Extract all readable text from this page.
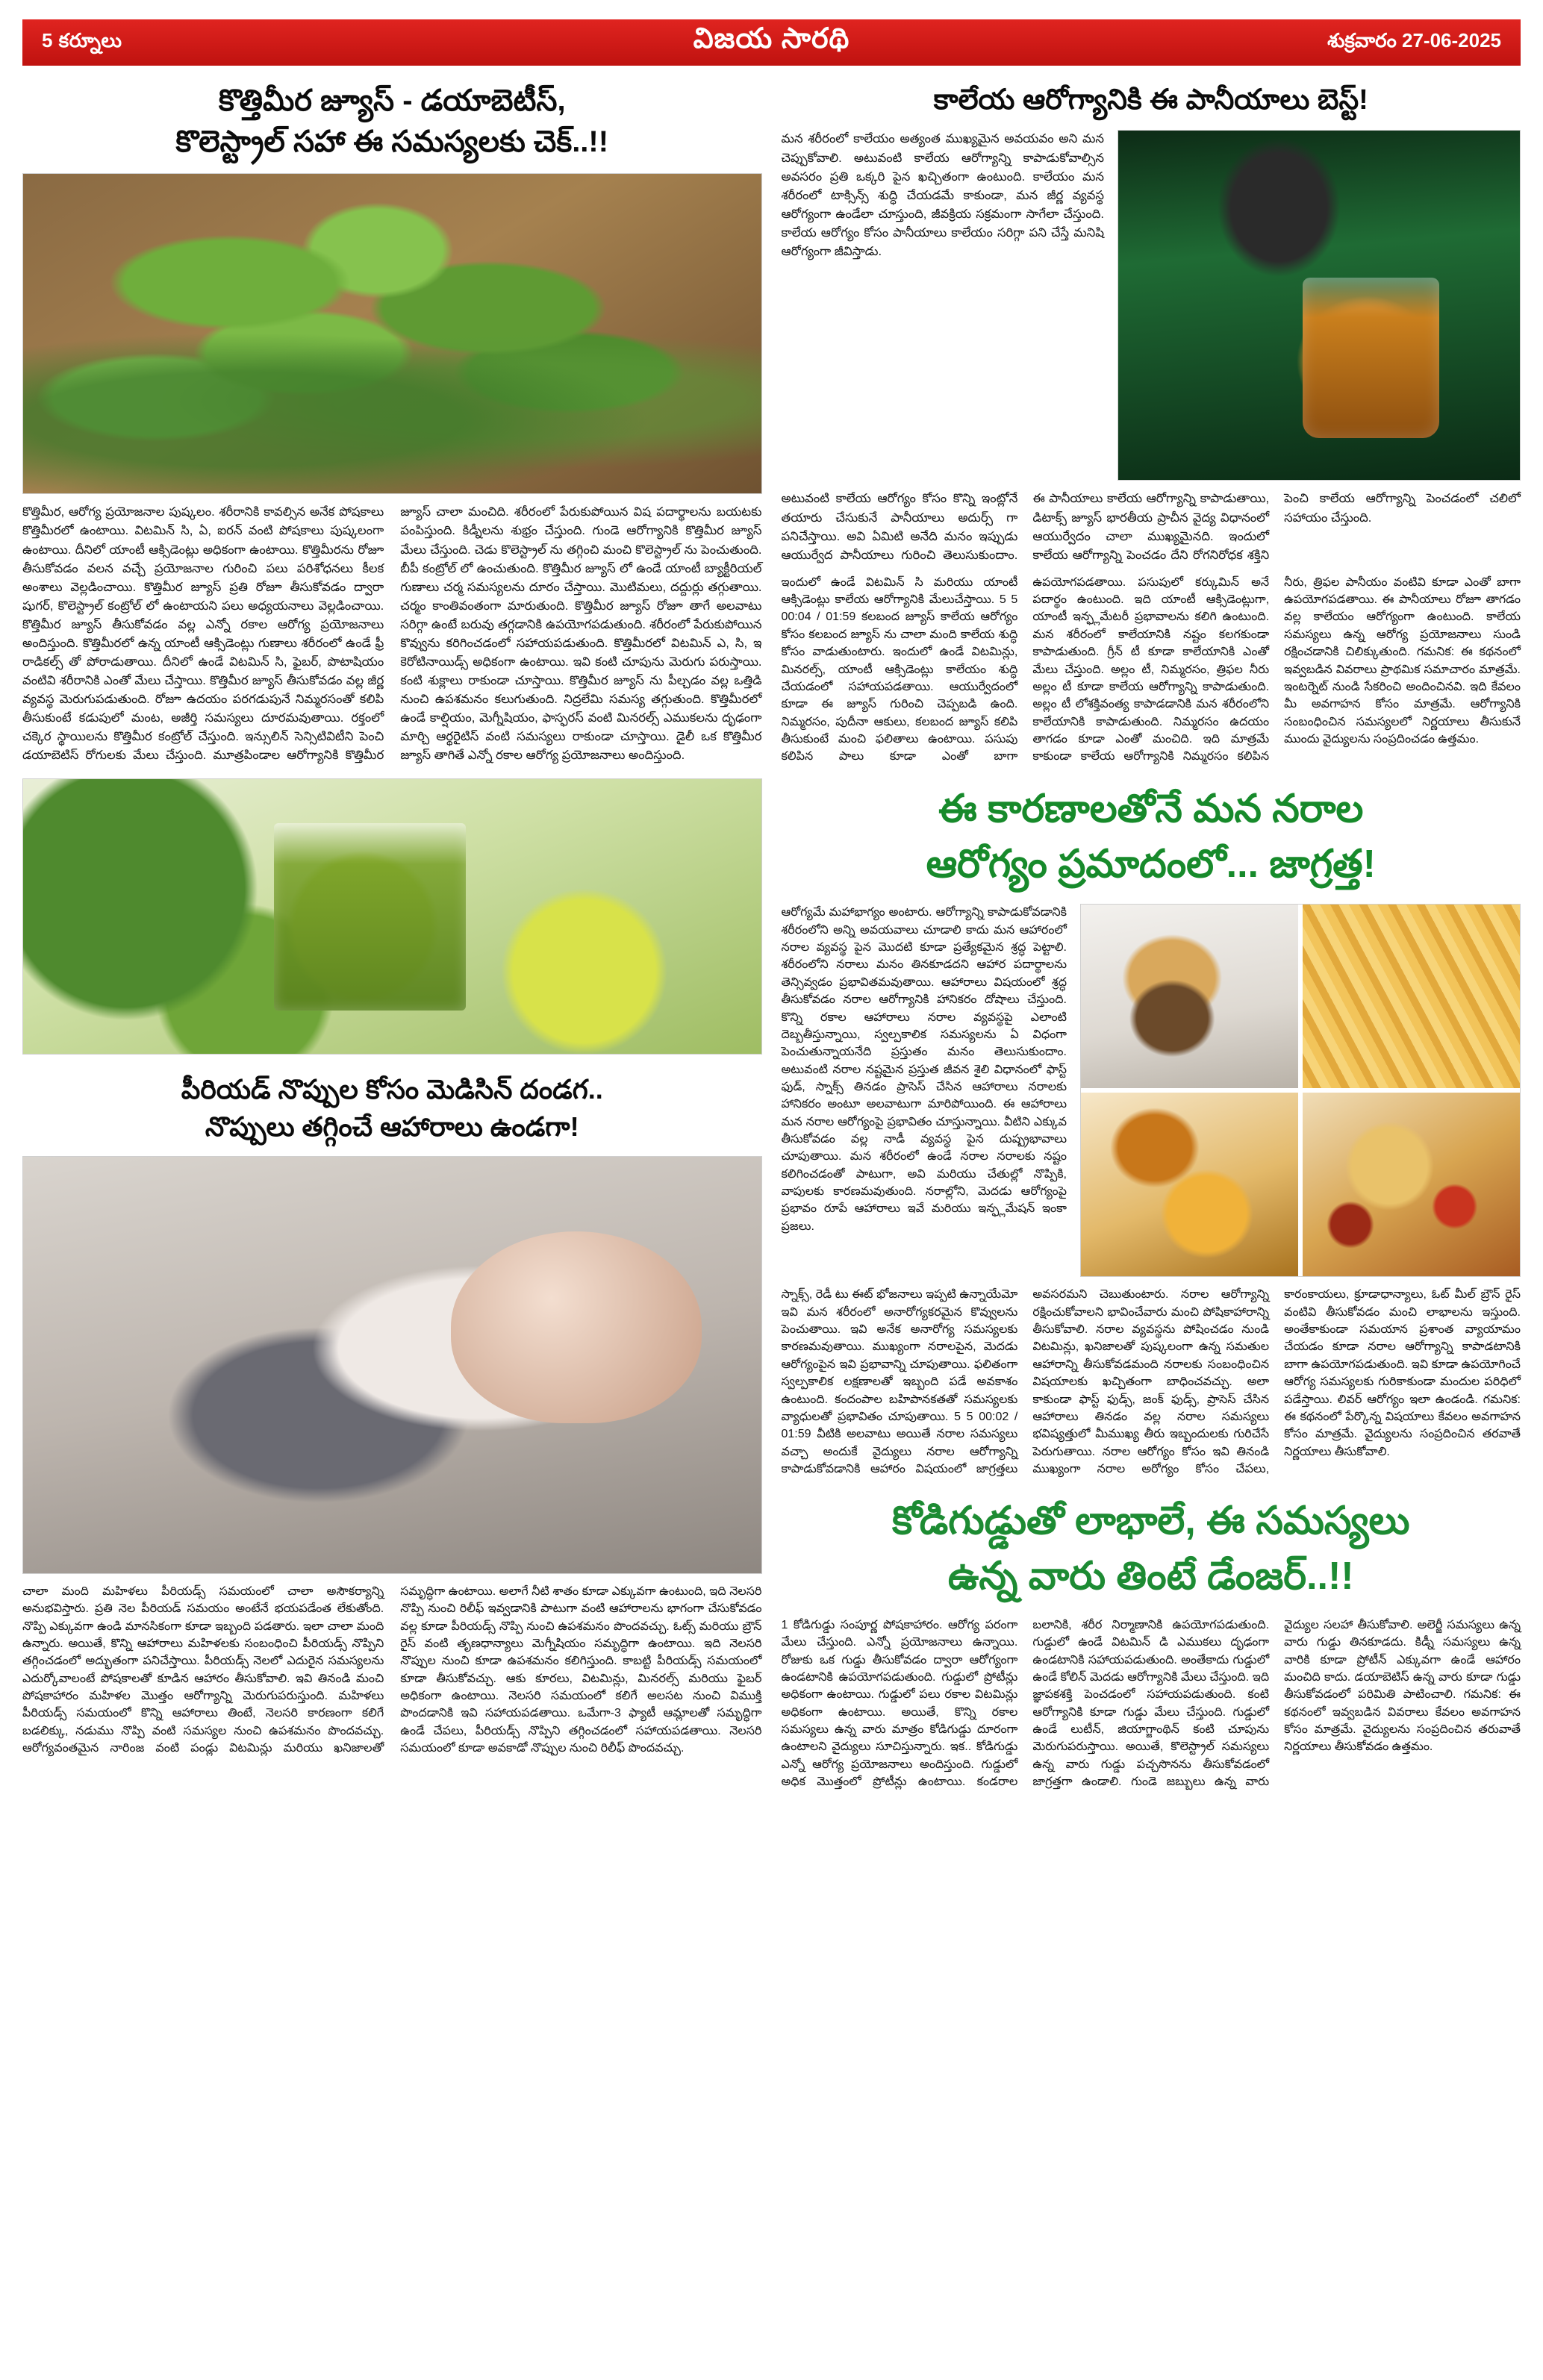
5 కర్నూలు	విజయ సారథి	శుక్రవారం 27-06-2025
కొత్తిమీర జ్యూస్ - డయాబెటీస్,
కొలెస్ట్రాల్ సహా ఈ సమస్యలకు చెక్..!!
కొత్తిమీర, ఆరోగ్య ప్రయోజనాల పుష్కలం. శరీరానికి కావల్సిన అనేక పోషకాలు కొత్తిమీరలో ఉంటాయి. విటమిన్ సి, ఏ, ఐరన్ వంటి పోషకాలు పుష్కలంగా ఉంటాయి. దీనిలో యాంటీ ఆక్సిడెంట్లు అధికంగా ఉంటాయి. కొత్తిమీరను రోజూ తీసుకోవడం వలన వచ్చే ప్రయోజనాల గురించి పలు పరిశోధనలు కీలక అంశాలు వెల్లడించాయి. కొత్తిమీర జ్యూస్ ప్రతి రోజూ తీసుకోవడం ద్వారా షుగర్, కొలెస్ట్రాల్ కంట్రోల్ లో ఉంటాయని పలు అధ్యయనాలు వెల్లడించాయి. కొత్తిమీర జ్యూస్ తీసుకోవడం వల్ల ఎన్నో రకాల ఆరోగ్య ప్రయోజనాలు అందిస్తుంది. కొత్తిమీరలో ఉన్న యాంటీ ఆక్సిడెంట్లు గుణాలు శరీరంలో ఉండే ఫ్రీ రాడికల్స్ తో పోరాడుతాయి. దీనిలో ఉండే విటమిన్ సి, ఫైబర్, పొటాషియం వంటివి శరీరానికి ఎంతో మేలు చేస్తాయి. కొత్తిమీర జ్యూస్ తీసుకోవడం వల్ల జీర్ణ వ్యవస్థ మెరుగుపడుతుంది. రోజూ ఉదయం పరగడుపునే నిమ్మరసంతో కలిపి తీసుకుంటే కడుపులో మంట, అజీర్తి సమస్యలు దూరమవుతాయి. రక్తంలో చక్కెర స్థాయిలను కొత్తిమీర కంట్రోల్ చేస్తుంది. ఇన్సులిన్ సెన్సిటివిటీని పెంచి డయాబెటిస్ రోగులకు మేలు చేస్తుంది. మూత్రపిండాల ఆరోగ్యానికి కొత్తిమీర జ్యూస్ చాలా మంచిది. శరీరంలో పేరుకుపోయిన విష పదార్థాలను బయటకు పంపిస్తుంది. కిడ్నీలను శుభ్రం చేస్తుంది. గుండె ఆరోగ్యానికి కొత్తిమీర జ్యూస్ మేలు చేస్తుంది. చెడు కొలెస్ట్రాల్ ను తగ్గించి మంచి కొలెస్ట్రాల్ ను పెంచుతుంది. బీపీ కంట్రోల్ లో ఉంచుతుంది. కొత్తిమీర జ్యూస్ లో ఉండే యాంటీ బ్యాక్టీరియల్ గుణాలు చర్మ సమస్యలను దూరం చేస్తాయి. మొటిమలు, దద్దుర్లు తగ్గుతాయి. చర్మం కాంతివంతంగా మారుతుంది. కొత్తిమీర జ్యూస్ రోజూ తాగే అలవాటు సరిగ్గా ఉంటే బరువు తగ్గడానికి ఉపయోగపడుతుంది. శరీరంలో పేరుకుపోయిన కొవ్వును కరిగించడంలో సహాయపడుతుంది. కొత్తిమీరలో విటమిన్ ఎ, సి, ఇ కెరోటినాయిడ్స్ అధికంగా ఉంటాయి. ఇవి కంటి చూపును మెరుగు పరుస్తాయి. కంటి శుక్లాలు రాకుండా చూస్తాయి. కొత్తిమీర జ్యూస్ ను పీల్చడం వల్ల ఒత్తిడి నుంచి ఉపశమనం కలుగుతుంది. నిద్రలేమి సమస్య తగ్గుతుంది. కొత్తిమీరలో ఉండే కాల్షియం, మెగ్నీషియం, ఫాస్ఫరస్ వంటి మినరల్స్ ఎముకలను దృఢంగా మార్చి ఆర్థరైటిస్ వంటి సమస్యలు రాకుండా చూస్తాయి. డైలీ ఒక కొత్తిమీర జ్యూస్ తాగితే ఎన్నో రకాల ఆరోగ్య ప్రయోజనాలు అందిస్తుంది.
పీరియడ్ నొప్పుల కోసం మెడిసిన్ దండగ..
నొప్పులు తగ్గించే ఆహారాలు ఉండగా!
చాలా మంది మహిళలు పీరియడ్స్ సమయంలో చాలా అసౌకర్యాన్ని అనుభవిస్తారు. ప్రతి నెల పీరియడ్ సమయం అంటేనే భయపడేంత లేకుతోంది. నొప్పి ఎక్కువగా ఉండి మానసికంగా కూడా ఇబ్బంది పడతారు. ఇలా చాలా మంది ఉన్నారు. అయితే, కొన్ని ఆహారాలు మహిళలకు సంబంధించి పీరియడ్స్ నొప్పిని తగ్గించడంలో అద్భుతంగా పనిచేస్తాయి. పీరియడ్స్ నెలలో ఎదురైన సమస్యలను ఎదుర్కోవాలంటే పోషకాలతో కూడిన ఆహారం తీసుకోవాలి. ఇవి తినండి మంచి పోషకాహారం మహిళల మొత్తం ఆరోగ్యాన్ని మెరుగుపరుస్తుంది. మహిళలు పీరియడ్స్ సమయంలో కొన్ని ఆహారాలు తింటే, నెలసరి కారణంగా కలిగే బడలిక్కు, నడుము నొప్పి వంటి సమస్యల నుంచి ఉపశమనం పొందవచ్చు. ఆరోగ్యవంతమైన నారింజ వంటి పండ్లు విటమిన్లు మరియు ఖనిజాలతో సమృద్ధిగా ఉంటాయి. అలాగే నీటి శాతం కూడా ఎక్కువగా ఉంటుంది, ఇది నెలసరి నొప్పి నుంచి రిలీఫ్ ఇవ్వడానికి పాటుగా వంటి ఆహారాలను భాగంగా చేసుకోవడం వల్ల కూడా పీరియడ్స్ నొప్పి నుంచి ఉపశమనం పొందవచ్చు. ఓట్స్ మరియు బ్రౌన్ రైస్ వంటి తృణధాన్యాలు మెగ్నీషియం సమృద్ధిగా ఉంటాయి. ఇది నెలసరి నొప్పుల నుంచి కూడా ఉపశమనం కలిగిస్తుంది. కాబట్టి పీరియడ్స్ సమయంలో కూడా తీసుకోవచ్చు. ఆకు కూరలు, విటమిన్లు, మినరల్స్ మరియు ఫైబర్ అధికంగా ఉంటాయి. నెలసరి సమయంలో కలిగే అలసట నుంచి విముక్తి పొందడానికి ఇవి సహాయపడతాయి. ఒమేగా-3 ఫ్యాటీ ఆమ్లాలతో సమృద్ధిగా ఉండే చేపలు, పీరియడ్స్ నొప్పిని తగ్గించడంలో సహాయపడతాయి. నెలసరి సమయంలో కూడా అవకాడో నొప్పుల నుంచి రిలీఫ్ పొందవచ్చు.
కాలేయ ఆరోగ్యానికి ఈ పానీయాలు బెస్ట్!
మన శరీరంలో కాలేయం అత్యంత ముఖ్యమైన అవయవం అని మన చెప్పుకోవాలి. అటువంటి కాలేయ ఆరోగ్యాన్ని కాపాడుకోవాల్సిన అవసరం ప్రతి ఒక్కరి పైన ఖచ్చితంగా ఉంటుంది. కాలేయం మన శరీరంలో టాక్సిన్స్ శుద్ధి చేయడమే కాకుండా, మన జీర్ణ వ్యవస్థ ఆరోగ్యంగా ఉండేలా చూస్తుంది, జీవక్రియ సక్రమంగా సాగేలా చేస్తుంది. కాలేయ ఆరోగ్యం కోసం పానీయాలు కాలేయం సరిగ్గా పని చేస్తే మనిషి ఆరోగ్యంగా జీవిస్తాడు.
అటువంటి కాలేయ ఆరోగ్యం కోసం కొన్ని ఇంట్లోనే తయారు చేసుకునే పానీయాలు అదుర్స్ గా పనిచేస్తాయి. అవి ఏమిటి అనేది మనం ఇప్పుడు ఆయుర్వేద పానీయాలు గురించి తెలుసుకుందాం. ఈ పానీయాలు కాలేయ ఆరోగ్యాన్ని కాపాడుతాయి, డిటాక్స్ జ్యూస్ భారతీయ ప్రాచీన వైద్య విధానంలో ఆయుర్వేదం చాలా ముఖ్యమైనది. ఇందులో కాలేయ ఆరోగ్యాన్ని పెంచడం దేని రోగనిరోధక శక్తిని పెంచి కాలేయ ఆరోగ్యాన్ని పెంచడంలో చలిలో సహాయం చేస్తుంది.
ఇందులో ఉండే విటమిన్ సి మరియు యాంటీ ఆక్సిడెంట్లు కాలేయ ఆరోగ్యానికి మేలుచేస్తాయి. 5 5 00:04 / 01:59 కలబంద జ్యూస్ కాలేయ ఆరోగ్యం కోసం కలబంద జ్యూస్ ను చాలా మంది కాలేయ శుద్ధి కోసం వాడుతుంటారు. ఇందులో ఉండే విటమిన్లు, మినరల్స్, యాంటీ ఆక్సిడెంట్లు కాలేయం శుద్ధి చేయడంలో సహాయపడతాయి. ఆయుర్వేదంలో కూడా ఈ జ్యూస్ గురించి చెప్పబడి ఉంది. నిమ్మరసం, పుదీనా ఆకులు, కలబంద జ్యూస్ కలిపి తీసుకుంటే మంచి ఫలితాలు ఉంటాయి. పసుపు కలిపిన పాలు కూడా ఎంతో బాగా ఉపయోగపడతాయి. పసుపులో కర్కుమిన్ అనే పదార్థం ఉంటుంది. ఇది యాంటీ ఆక్సిడెంట్లుగా, యాంటీ ఇన్ఫ్లమేటరీ ప్రభావాలను కలిగి ఉంటుంది. మన శరీరంలో కాలేయానికి నష్టం కలగకుండా కాపాడుతుంది. గ్రీన్ టీ కూడా కాలేయానికి ఎంతో మేలు చేస్తుంది. అల్లం టీ, నిమ్మరసం, త్రిఫల నీరు అల్లం టీ కూడా కాలేయ ఆరోగ్యాన్ని కాపాడుతుంది. అల్లం టీ లోశక్తివంత్య కాపాడడానికి మన శరీరంలోని కాలేయానికి కాపాడుతుంది. నిమ్మరసం ఉదయం తాగడం కూడా ఎంతో మంచిది. ఇది మాత్రమే కాకుండా కాలేయ ఆరోగ్యానికి నిమ్మరసం కలిపిన నీరు, త్రిఫల పానీయం వంటివి కూడా ఎంతో బాగా ఉపయోగపడతాయి. ఈ పానీయాలు రోజూ తాగడం వల్ల కాలేయం ఆరోగ్యంగా ఉంటుంది. కాలేయ సమస్యలు ఉన్న ఆరోగ్య ప్రయోజనాలు సుండి రక్షించడానికి చిలిక్కుతుంది. గమనిక: ఈ కథనంలో ఇవ్వబడిన వివరాలు ప్రాథమిక సమాచారం మాత్రమే. ఇంటర్నెట్ నుండి సేకరించి అందించినవి. ఇది కేవలం మీ అవగాహన కోసం మాత్రమే. ఆరోగ్యానికి సంబంధించిన సమస్యలలో నిర్ణయాలు తీసుకునే ముందు వైద్యులను సంప్రదించడం ఉత్తమం.
ఈ కారణాలతోనే మన నరాల
ఆరోగ్యం ప్రమాదంలో... జాగ్రత్త!
ఆరోగ్యమే మహాభాగ్యం అంటారు. ఆరోగ్యాన్ని కాపాడుకోవడానికి శరీరంలోని అన్ని అవయవాలు చూడాలి కాదు మన ఆహారంలో నరాల వ్యవస్థ పైన మొదటి కూడా ప్రత్యేకమైన శ్రద్ధ పెట్టాలి. శరీరంలోని నరాలు మనం తినకూడదని ఆహార పదార్థాలను తెన్సివ్వడం ప్రభావితమవుతాయి. ఆహారాలు విషయంలో శ్రద్ధ తీసుకోవడం నరాల ఆరోగ్యానికి హానికరం దోషాలు చేస్తుంది. కొన్ని రకాల ఆహారాలు నరాల వ్యవస్థపై ఎలాంటి దెబ్బతీస్తున్నాయి, స్వల్పకాలిక సమస్యలను ఏ విధంగా పెంచుతున్నాయనేది ప్రస్తుతం మనం తెలుసుకుందాం. అటువంటి నరాల నష్టమైన ప్రస్తుత జీవన శైలి విధానంలో ఫాస్ట్ ఫుడ్, స్నాక్స్ తినడం ప్రాసెస్ చేసిన ఆహారాలు నరాలకు హానికరం అంటూ అలవాటుగా మారిపోయింది. ఈ ఆహారాలు మన నరాల ఆరోగ్యంపై ప్రభావితం చూస్తున్నాయి. వీటిని ఎక్కువ తీసుకోవడం వల్ల నాడీ వ్యవస్థ పైన దుష్ప్రభావాలు చూపుతాయి. మన శరీరంలో ఉండే నరాల నరాలకు నష్టం కలిగించడంతో పాటుగా, అవి మరియు చేతుల్లో నొప్పికి, వాపులకు కారణమవుతుంది. నరాల్లోని, మెదడు ఆరోగ్యంపై ప్రభావం రూపే ఆహారాలు ఇవే మరియు ఇన్ఫ్లమేషన్ ఇంకా ప్రజలు.
స్నాక్స్, రెడీ టు ఈట్ భోజనాలు ఇప్పటి ఉన్నాయేమో ఇవి మన శరీరంలో అనారోగ్యకరమైన కొవ్వులను పెంచుతాయి. ఇవి అనేక అనారోగ్య సమస్యలకు కారణమవుతాయి. ముఖ్యంగా నరాలపైన, మెదడు ఆరోగ్యంపైన ఇవి ప్రభావాన్ని చూపుతాయి. ఫలితంగా స్వల్పకాలిక లక్షణాలతో ఇబ్బంది పడే అవకాశం ఉంటుంది. కందంపాల బహిపానకతతో సమస్యలకు వ్యాధులతో ప్రభావితం చూపుతాయి. 5 5 00:02 / 01:59 వీటికి అలవాటు అయితే నరాల సమస్యలు వచ్చా అందుకే వైద్యులు నరాల ఆరోగ్యాన్ని కాపాడుకోవడానికి ఆహారం విషయంలో జాగ్రత్తలు అవసరమని చెబుతుంటారు. నరాల ఆరోగ్యాన్ని రక్షించుకోవాలని భావించేవారు మంచి పోషికాహారాన్ని తీసుకోవాలి. నరాల వ్యవస్థను పోషించడం నుండి విటమిన్లు, ఖనిజాలతో పుష్కలంగా ఉన్న సమతుల ఆహారాన్ని తీసుకోవడమంది నరాలకు సంబంధించిన విషయాలకు ఖచ్చితంగా బాధించవచ్చు. అలా కాకుండా ఫాస్ట్ ఫుడ్స్, జంక్ ఫుడ్స్, ప్రాసెస్ చేసిన ఆహారాలు తినడం వల్ల నరాల సమస్యలు భవిష్యత్తులో మీముఖ్య తీరు ఇబ్బందులకు గురిచేసే పెరుగుతాయి. నరాల ఆరోగ్యం కోసం ఇవి తినండి ముఖ్యంగా నరాల అరోగ్యం కోసం చేపలు, కారంకాయలు, క్రూడాధాన్యాలు, ఓట్ మీల్ బ్రౌన్ రైస్ వంటివి తీసుకోవడం మంచి లాభాలను ఇస్తుంది. అంతేకాకుండా సమయాన ప్రశాంత వ్యాయామం చేయడం కూడా నరాల ఆరోగ్యాన్ని కాపాడటానికి బాగా ఉపయోగపడుతుంది. ఇవి కూడా ఉపయోగించే ఆరోగ్య సమస్యలకు గురికాకుండా మందుల పరిధిలో పడేస్తాయి. లివర్ ఆరోగ్యం ఇలా ఉండండి. గమనిక: ఈ కథనంలో పేర్కొన్న విషయాలు కేవలం అవగాహన కోసం మాత్రమే. వైద్యులను సంప్రదించిన తరవాతే నిర్ణయాలు తీసుకోవాలి.
కోడిగుడ్డుతో లాభాలే, ఈ సమస్యలు
ఉన్న వారు తింటే డేంజర్..!!
1 కోడిగుడ్డు సంపూర్ణ పోషకాహారం. ఆరోగ్య పరంగా మేలు చేస్తుంది. ఎన్నో ప్రయోజనాలు ఉన్నాయి. రోజుకు ఒక గుడ్డు తీసుకోవడం ద్వారా ఆరోగ్యంగా ఉండటానికి ఉపయోగపడుతుంది. గుడ్డులో ప్రోటీన్లు అధికంగా ఉంటాయి. గుడ్డులో పలు రకాల విటమిన్లు అధికంగా ఉంటాయి. అయితే, కొన్ని రకాల సమస్యలు ఉన్న వారు మాత్రం కోడిగుడ్డు దూరంగా ఉంటాలని వైద్యులు సూచిస్తున్నారు. ఇక.. కోడిగుడ్డు ఎన్నో ఆరోగ్య ప్రయోజనాలు అందిస్తుంది. గుడ్డులో అధిక మొత్తంలో ప్రోటీన్లు ఉంటాయి. కండరాల బలానికి, శరీర నిర్మాణానికి ఉపయోగపడుతుంది. గుడ్డులో ఉండే విటమిన్ డి ఎముకలు దృఢంగా ఉండటానికి సహాయపడుతుంది. అంతేకాదు గుడ్డులో ఉండే కోలిన్ మెదడు ఆరోగ్యానికి మేలు చేస్తుంది. ఇది జ్ఞాపకశక్తి పెంచడంలో సహాయపడుతుంది. కంటి ఆరోగ్యానికి కూడా గుడ్డు మేలు చేస్తుంది. గుడ్డులో ఉండే లుటీన్, జియాగ్జాంథిన్ కంటి చూపును మెరుగుపరుస్తాయి. అయితే, కొలెస్ట్రాల్ సమస్యలు ఉన్న వారు గుడ్డు పచ్చసొనను తీసుకోవడంలో జాగ్రత్తగా ఉండాలి. గుండె జబ్బులు ఉన్న వారు వైద్యుల సలహా తీసుకోవాలి. అలెర్జీ సమస్యలు ఉన్న వారు గుడ్డు తినకూడదు. కిడ్నీ సమస్యలు ఉన్న వారికి కూడా ప్రోటీన్ ఎక్కువగా ఉండే ఆహారం మంచిది కాదు. డయాబెటిస్ ఉన్న వారు కూడా గుడ్డు తీసుకోవడంలో పరిమితి పాటించాలి. గమనిక: ఈ కథనంలో ఇవ్వబడిన వివరాలు కేవలం అవగాహన కోసం మాత్రమే. వైద్యులను సంప్రదించిన తరువాతే నిర్ణయాలు తీసుకోవడం ఉత్తమం.
